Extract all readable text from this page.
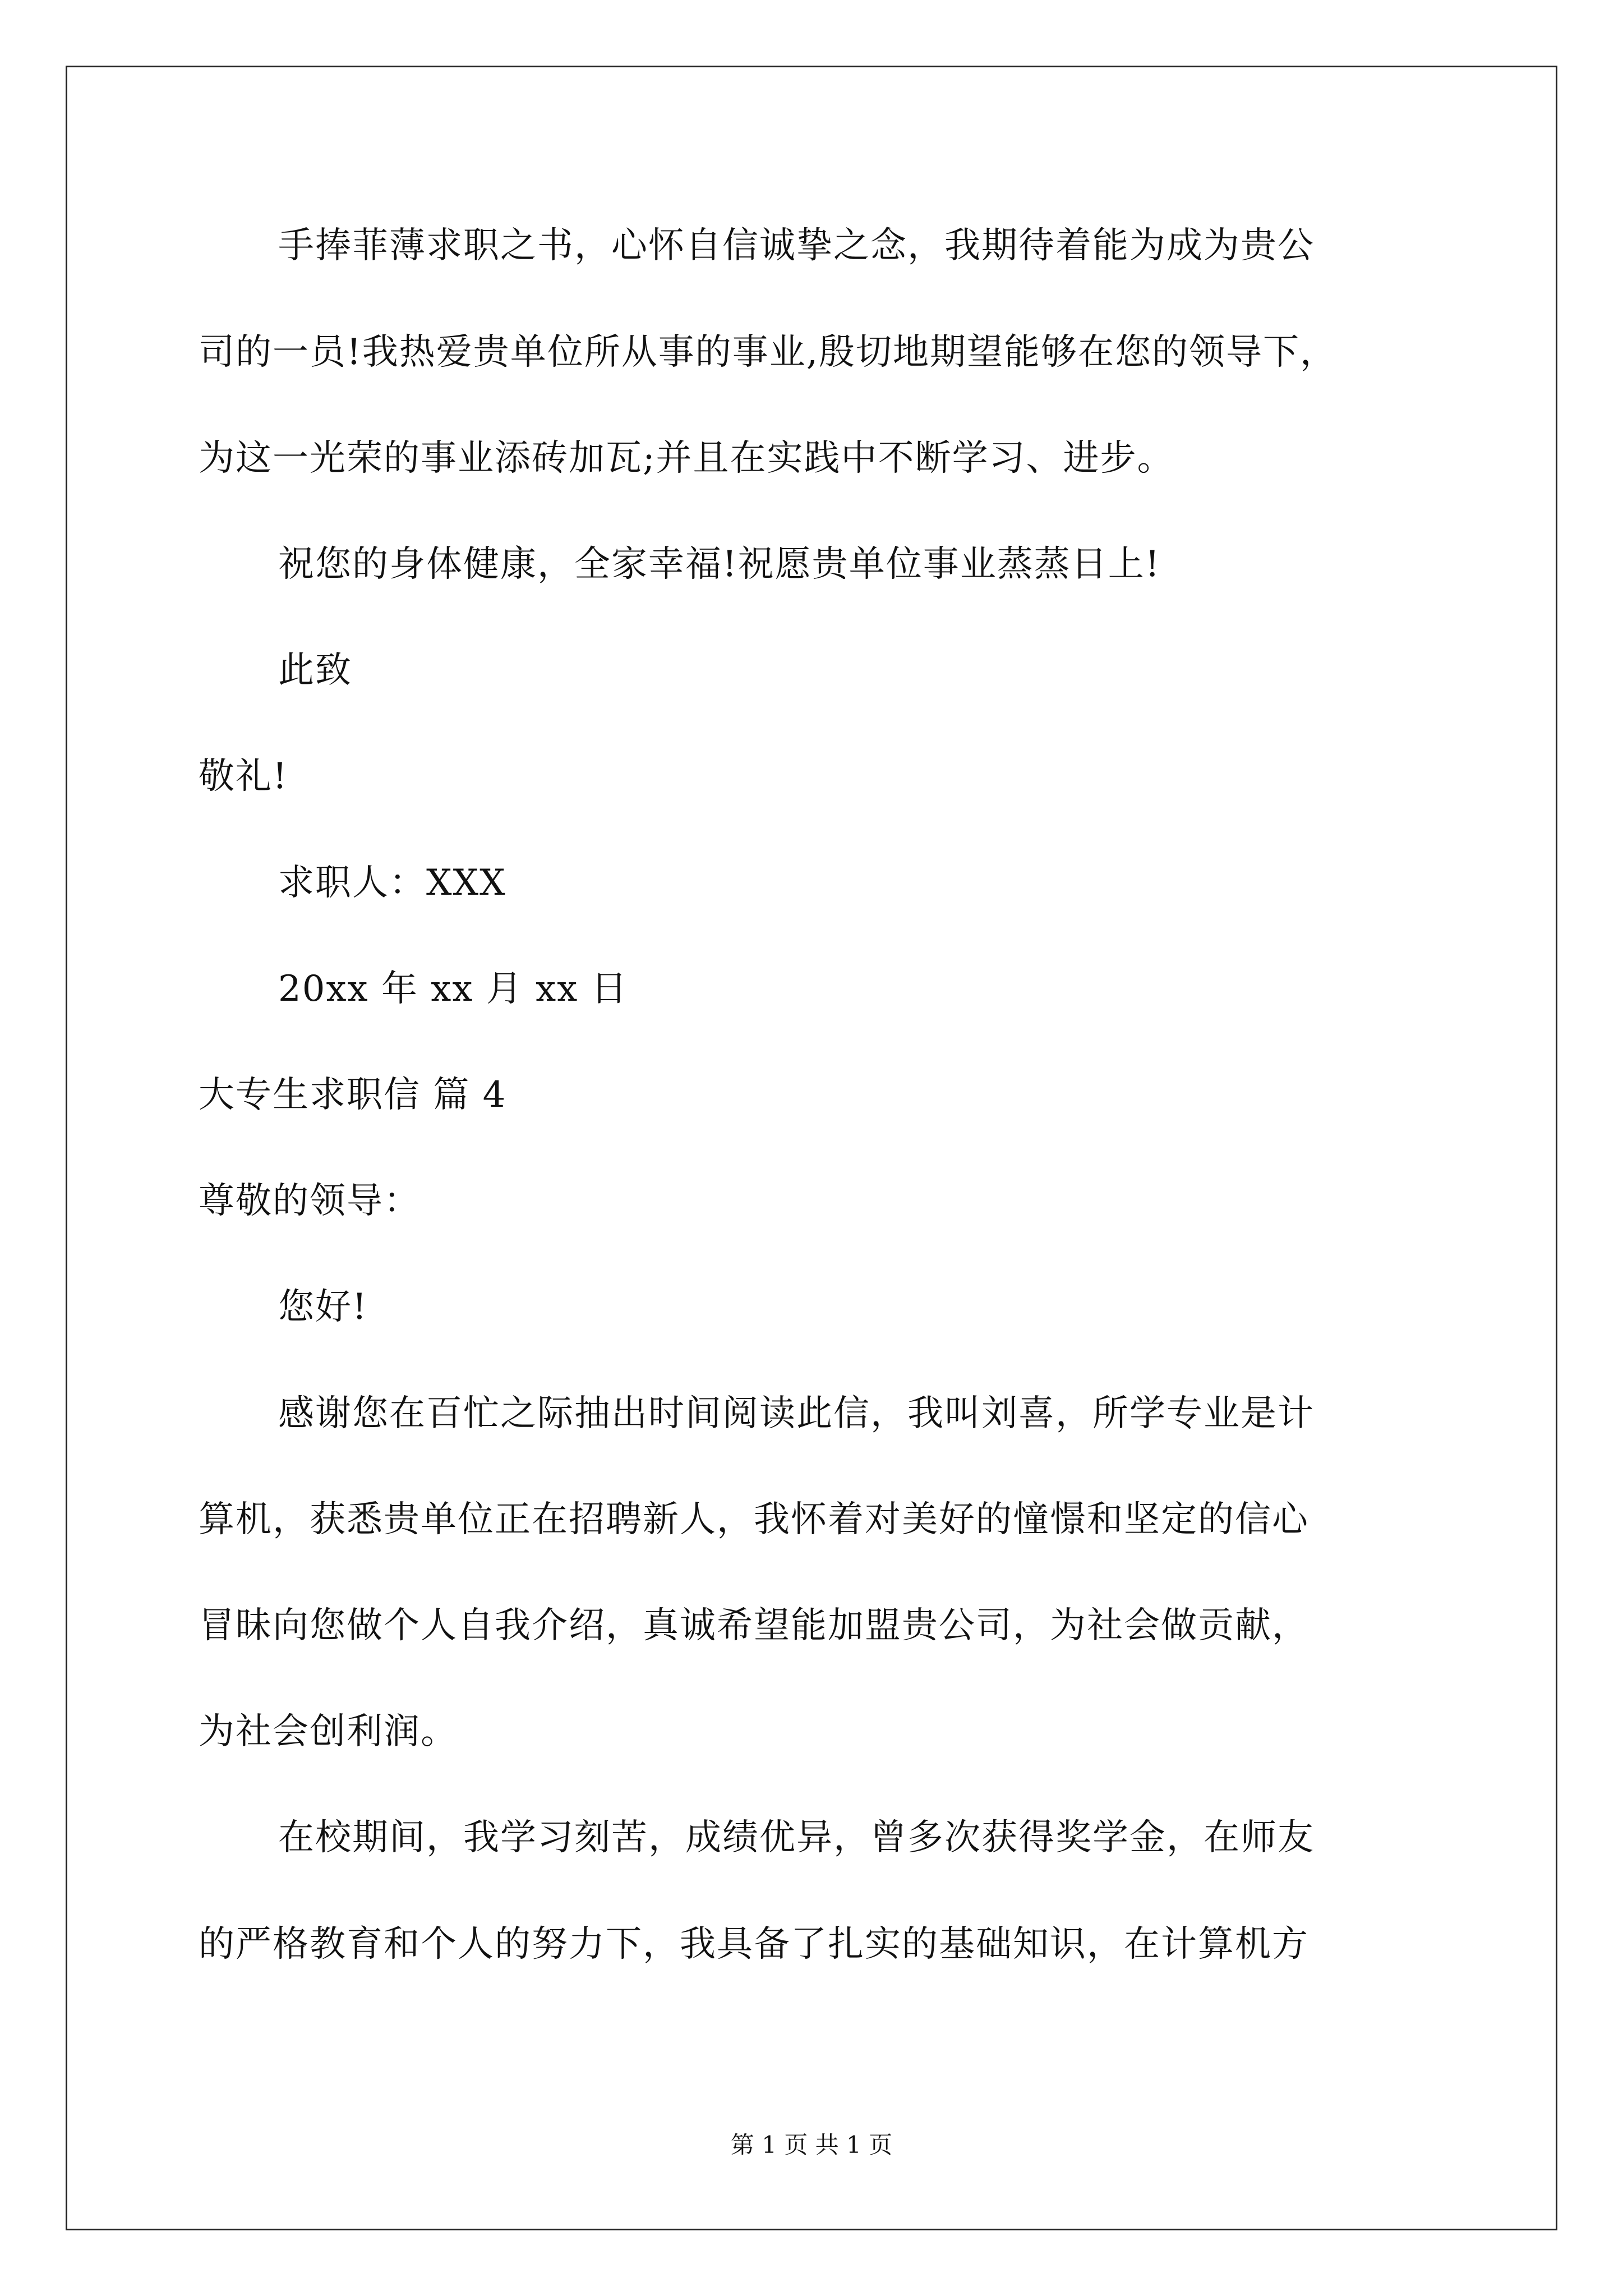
手捧菲薄求职之书，心怀自信诚挚之念，我期待着能为成为贵公
司的一员!我热爱贵单位所从事的事业,殷切地期望能够在您的领导下，
为这一光荣的事业添砖加瓦;并且在实践中不断学习、进步。
祝您的身体健康，全家幸福!祝愿贵单位事业蒸蒸日上!
此致
敬礼!
求职人：XXX
20xx 年 xx 月 xx 日
大专生求职信 篇 4
尊敬的领导：
您好!
感谢您在百忙之际抽出时间阅读此信，我叫刘喜，所学专业是计
算机，获悉贵单位正在招聘新人，我怀着对美好的憧憬和坚定的信心
冒昧向您做个人自我介绍，真诚希望能加盟贵公司，为社会做贡献，
为社会创利润。
在校期间，我学习刻苦，成绩优异，曾多次获得奖学金，在师友
的严格教育和个人的努力下，我具备了扎实的基础知识，在计算机方
第 1 页 共 1 页
